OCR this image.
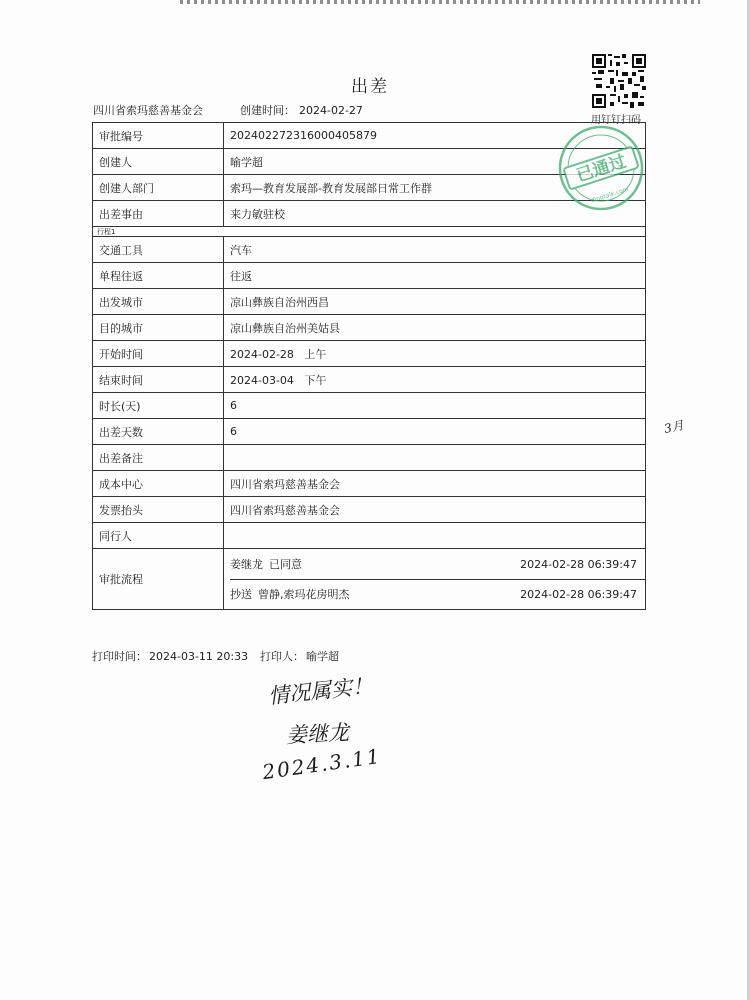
出差
四川省索玛慈善基金会	创建时间： 2024-02-27
用钉钉扫码
审批编号	202402272316000405879
创建人	喻学超
创建人部门	索玛—教育发展部-教育发展部日常工作群
出差事由	来力敏驻校
行程1	
交通工具	汽车
单程往返	往返
出发城市	凉山彝族自治州西昌
目的城市	凉山彝族自治州美姑县
开始时间	2024-02-28   上午
结束时间	2024-03-04   下午
时长(天)	6
出差天数	6
出差备注	
成本中心	四川省索玛慈善基金会
发票抬头	四川省索玛慈善基金会
同行人	
审批流程	姜继龙 已同意 2024-02-28 06:39:47
抄送 曾静,索玛花房明杰 2024-02-28 06:39:47
已通过
dingtalk.com
打印时间： 2024-03-11 20:33 打印人： 喻学超
情况属实！
姜继龙
2024.3.11
3月
